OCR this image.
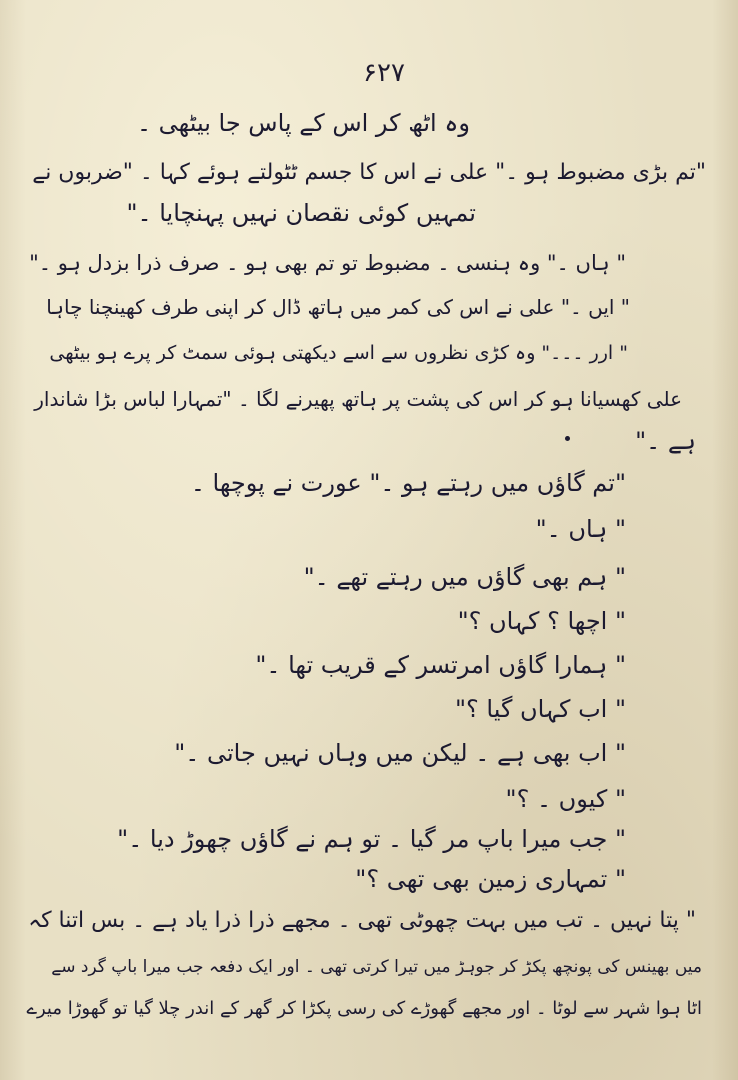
۶۲۷
وہ اٹھ کر اس کے پاس جا بیٹھی ۔
"تم بڑی مضبوط ہو ۔" علی نے اس کا جسم ٹٹولتے ہوئے کہا ۔ "ضربوں نے
تمہیں کوئی نقصان نہیں پہنچایا ۔"
" ہاں ۔" وہ ہنسی ۔ مضبوط تو تم بھی ہو ۔ صرف ذرا بزدل ہو ۔"
" ایں ۔" علی نے اس کی کمر میں ہاتھ ڈال کر اپنی طرف کھینچنا چاہا
" ارر ۔۔۔" وہ کڑی نظروں سے اسے دیکھتی ہوئی سمٹ کر پرے ہو بیٹھی
علی کھسیانا ہو کر اس کی پشت پر ہاتھ پھیرنے لگا ۔ "تمہارا لباس بڑا شاندار
ہے ۔"
"تم گاؤں میں رہتے ہو ۔" عورت نے پوچھا ۔
" ہاں ۔"
" ہم بھی گاؤں میں رہتے تھے ۔"
" اچھا ؟ کہاں ؟"
" ہمارا گاؤں امرتسر کے قریب تھا ۔"
" اب کہاں گیا ؟"
" اب بھی ہے ۔ لیکن میں وہاں نہیں جاتی ۔"
" کیوں ۔ ؟"
" جب میرا باپ مر گیا ۔ تو ہم نے گاؤں چھوڑ دیا ۔"
" تمہاری زمین بھی تھی ؟"
" پتا نہیں ۔ تب میں بہت چھوٹی تھی ۔ مجھے ذرا ذرا یاد ہے ۔ بس اتنا کہ
میں بھینس کی پونچھ پکڑ کر جوہڑ میں تیرا کرتی تھی ۔ اور ایک دفعہ جب میرا باپ گرد سے
اٹا ہوا شہر سے لوٹا ۔ اور مجھے گھوڑے کی رسی پکڑا کر گھر کے اندر چلا گیا تو گھوڑا میرے
